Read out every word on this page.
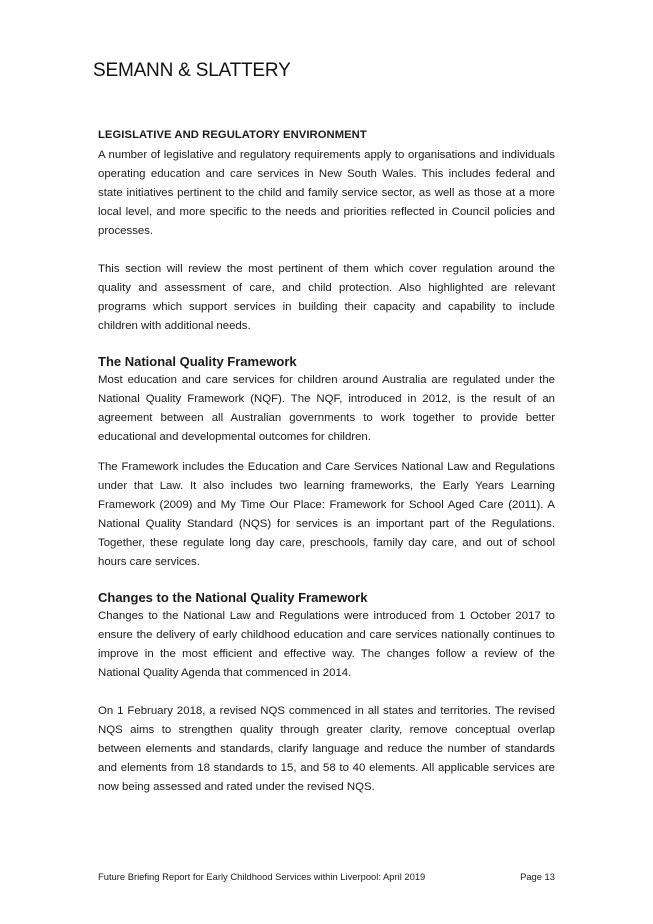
SEMANN & SLATTERY
LEGISLATIVE AND REGULATORY ENVIRONMENT

A number of legislative and regulatory requirements apply to organisations and individuals operating education and care services in New South Wales. This includes federal and state initiatives pertinent to the child and family service sector, as well as those at a more local level, and more specific to the needs and priorities reflected in Council policies and processes.

This section will review the most pertinent of them which cover regulation around the quality and assessment of care, and child protection. Also highlighted are relevant programs which support services in building their capacity and capability to include children with additional needs.

The National Quality Framework

Most education and care services for children around Australia are regulated under the National Quality Framework (NQF). The NQF, introduced in 2012, is the result of an agreement between all Australian governments to work together to provide better educational and developmental outcomes for children.

The Framework includes the Education and Care Services National Law and Regulations under that Law. It also includes two learning frameworks, the Early Years Learning Framework (2009) and My Time Our Place: Framework for School Aged Care (2011). A National Quality Standard (NQS) for services is an important part of the Regulations. Together, these regulate long day care, preschools, family day care, and out of school hours care services.

Changes to the National Quality Framework

Changes to the National Law and Regulations were introduced from 1 October 2017 to ensure the delivery of early childhood education and care services nationally continues to improve in the most efficient and effective way. The changes follow a review of the National Quality Agenda that commenced in 2014.

On 1 February 2018, a revised NQS commenced in all states and territories. The revised NQS aims to strengthen quality through greater clarity, remove conceptual overlap between elements and standards, clarify language and reduce the number of standards and elements from 18 standards to 15, and 58 to 40 elements. All applicable services are now being assessed and rated under the revised NQS.

Future Briefing Report for Early Childhood Services within Liverpool: April 2019	Page 13
